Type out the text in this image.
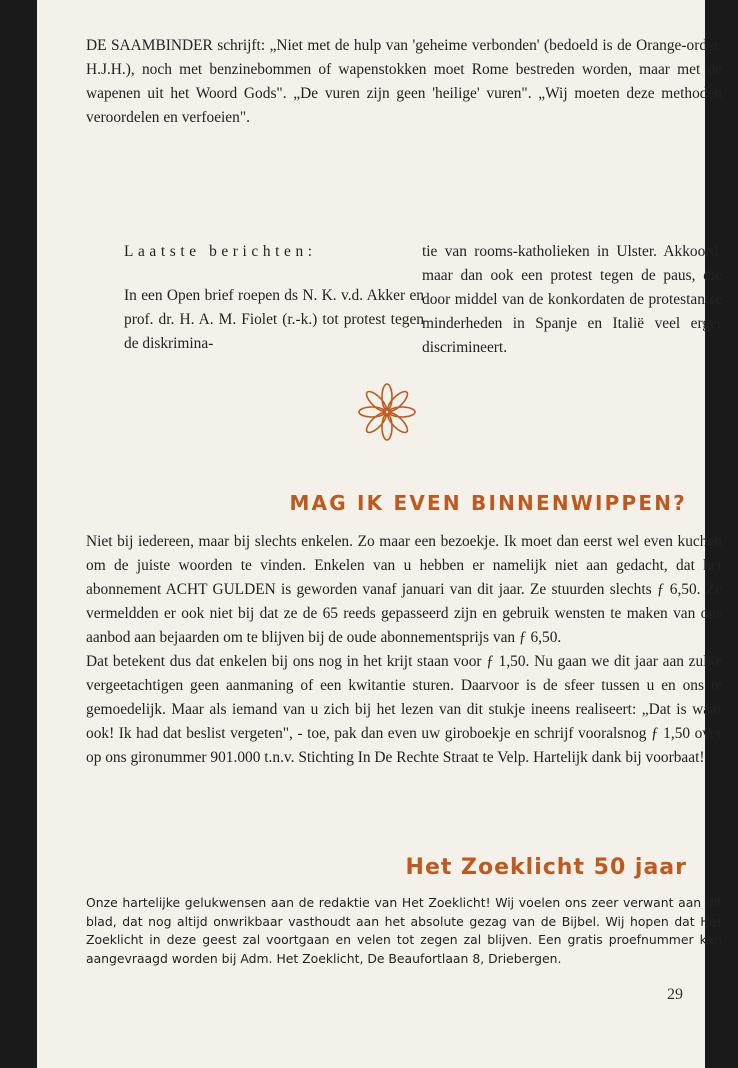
DE SAAMBINDER schrijft: „Niet met de hulp van 'geheime verbonden' (bedoeld is de Orange-order. H.J.H.), noch met benzinebommen of wapenstokken moet Rome bestreden worden, maar met de wapenen uit het Woord Gods". „De vuren zijn geen 'heilige' vuren". „Wij moeten deze methoden veroordelen en verfoeien".

Laatste berichten:
In een Open brief roepen ds N. K. v.d. Akker en prof. dr. H. A. M. Fiolet (r.-k.) tot protest tegen de diskrimina-
tie van rooms-katholieken in Ulster. Akkoord, maar dan ook een protest tegen de paus, die door middel van de konkordaten de protestantse minderheden in Spanje en Italië veel erger discrimineert.
MAG IK EVEN BINNENWIPPEN?
Niet bij iedereen, maar bij slechts enkelen. Zo maar een bezoekje. Ik moet dan eerst wel even kuchen om de juiste woorden te vinden. Enkelen van u hebben er namelijk niet aan gedacht, dat het abonnement ACHT GULDEN is geworden vanaf januari van dit jaar. Ze stuurden slechts ƒ 6,50. Ze vermeldden er ook niet bij dat ze de 65 reeds gepasseerd zijn en gebruik wensten te maken van ons aanbod aan bejaarden om te blijven bij de oude abonnementsprijs van ƒ 6,50.
Dat betekent dus dat enkelen bij ons nog in het krijt staan voor ƒ 1,50. Nu gaan we dit jaar aan zulke vergeetachtigen geen aanmaning of een kwitantie sturen. Daarvoor is de sfeer tussen u en ons te gemoedelijk. Maar als iemand van u zich bij het lezen van dit stukje ineens realiseert: „Dat is waar ook! Ik had dat beslist vergeten", - toe, pak dan even uw giroboekje en schrijf vooralsnog ƒ 1,50 over op ons gironummer 901.000 t.n.v. Stichting In De Rechte Straat te Velp. Hartelijk dank bij voorbaat!
Het Zoeklicht 50 jaar
Onze hartelijke gelukwensen aan de redaktie van Het Zoeklicht! Wij voelen ons zeer verwant aan dit blad, dat nog altijd onwrikbaar vasthoudt aan het absolute gezag van de Bijbel. Wij hopen dat Het Zoeklicht in deze geest zal voortgaan en velen tot zegen zal blijven. Een gratis proefnummer kan aangevraagd worden bij Adm. Het Zoeklicht, De Beaufortlaan 8, Driebergen.
29
